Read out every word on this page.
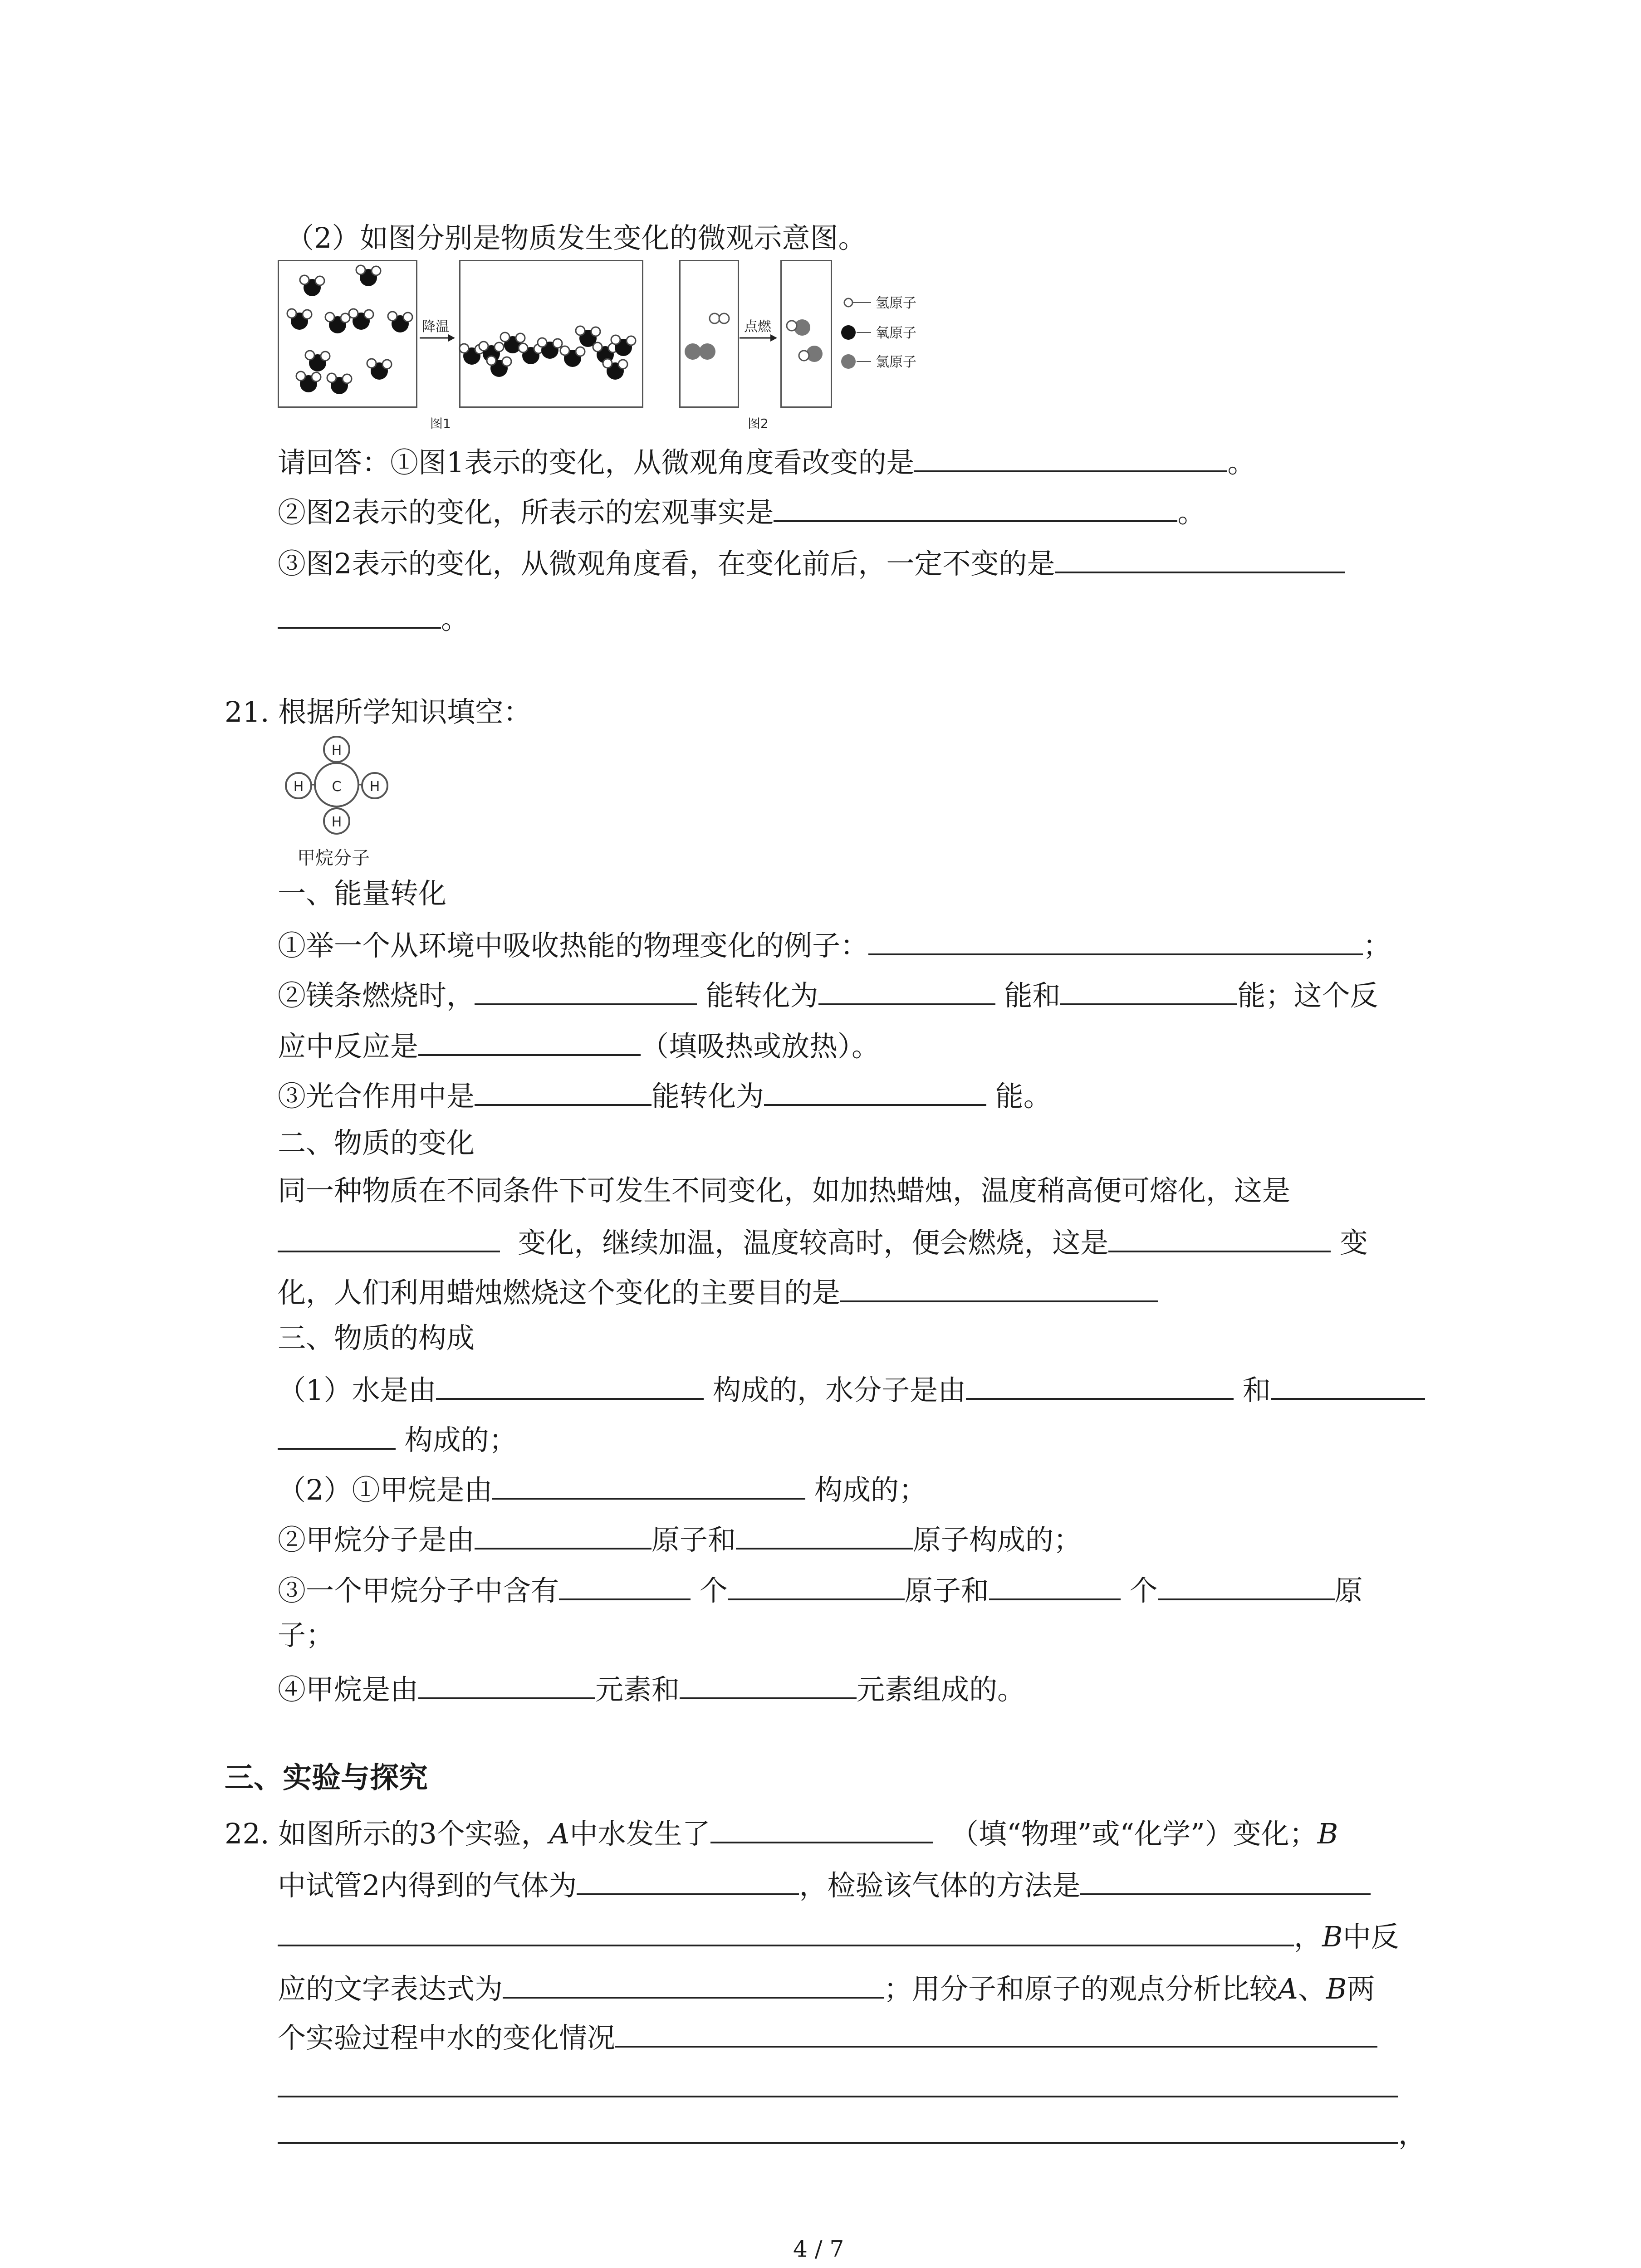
（2）如图分别是物质发生变化的微观示意图。
降温
图1
点燃
氢原子
氧原子
氯原子
图2
请回答：①图1表示的变化，从微观角度看改变的是	。
②图2表示的变化，所表示的宏观事实是	。
③图2表示的变化，从微观角度看，在变化前后，一定不变的是
。
21. 根据所学知识填空：
C
H
H
H	H
甲烷分子
一、能量转化
①举一个从环境中吸收热能的物理变化的例子：	；
②镁条燃烧时，	能转化为	能和	能；这个反
应中反应是	（填吸热或放热）。
③光合作用中是	能转化为	能。
二、物质的变化
同一种物质在不同条件下可发生不同变化，如加热蜡烛，温度稍高便可熔化，这是
变化，继续加温，温度较高时，便会燃烧，这是	变
化，人们利用蜡烛燃烧这个变化的主要目的是
三、物质的构成
（1）水是由	构成的，水分子是由	和
构成的；
（2）①甲烷是由	构成的；
②甲烷分子是由	原子和	原子构成的；
③一个甲烷分子中含有	个	原子和	个	原
子；
④甲烷是由	元素和	元素组成的。
三、实验与探究
22. 如图所示的3个实验，A中水发生了	（填“物理”或“化学”）变化；B
中试管2内得到的气体为	，检验该气体的方法是
，B中反
应的文字表达式为	；用分子和原子的观点分析比较A、B两
个实验过程中水的变化情况
，
4 / 7
